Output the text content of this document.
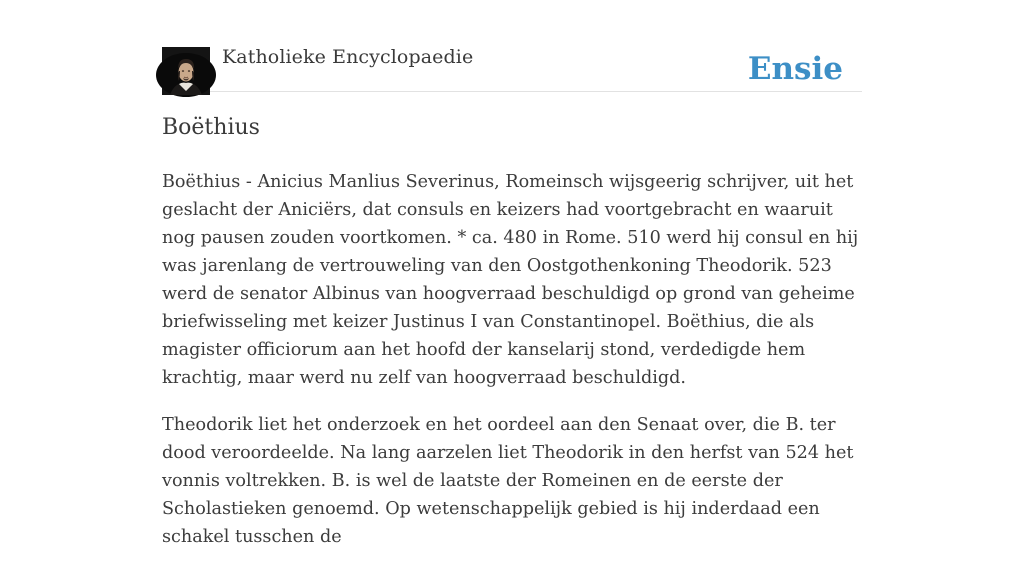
Katholieke Encyclopaedie	Ensie
Boëthius

Boëthius - Anicius Manlius Severinus, Romeinsch wijsgeerig schrijver, uit het geslacht der Aniciërs, dat consuls en keizers had voortgebracht en waaruit nog pausen zouden voortkomen. * ca. 480 in Rome. 510 werd hij consul en hij was jarenlang de vertrouweling van den Oostgothenkoning Theodorik. 523 werd de senator Albinus van hoogverraad beschuldigd op grond van geheime briefwisseling met keizer Justinus I van Constantinopel. Boëthius, die als magister officiorum aan het hoofd der kanselarij stond, verdedigde hem krachtig, maar werd nu zelf van hoogverraad beschuldigd.

Theodorik liet het onderzoek en het oordeel aan den Senaat over, die B. ter dood veroordeelde. Na lang aarzelen liet Theodorik in den herfst van 524 het vonnis voltrekken. B. is wel de laatste der Romeinen en de eerste der Scholastieken genoemd. Op wetenschappelijk gebied is hij inderdaad een schakel tusschen de
